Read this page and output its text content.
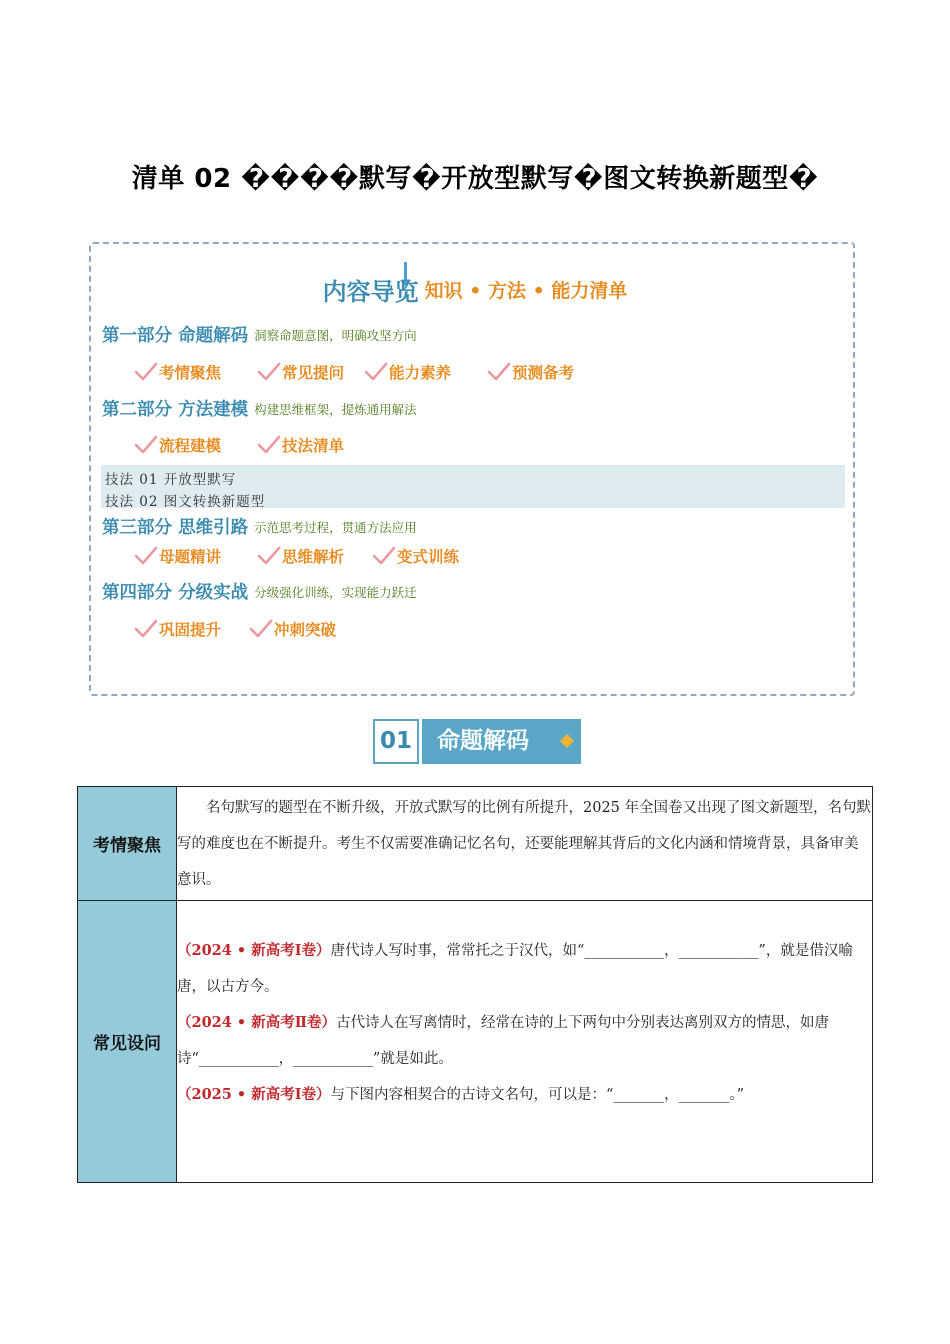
清单 02 ����默写�开放型默写�图文转换新题型�
内容导览 知识 • 方法 • 能力清单
第一部分 命题解码 洞察命题意图，明确攻坚方向
考情聚焦	常见提问	能力素养	预测备考
第二部分 方法建模 构建思维框架，提炼通用解法
流程建模	技法清单
技法 01 开放型默写
技法 02 图文转换新题型
第三部分 思维引路 示范思考过程，贯通方法应用
母题精讲	思维解析	变式训练
第四部分 分级实战 分级强化训练，实现能力跃迁
巩固提升	冲刺突破
01	命题解码
考情聚焦	名句默写的题型在不断升级，开放式默写的比例有所提升，2025 年全国卷又出现了图文新题型，名句默写的难度也在不断提升。考生不仅需要准确记忆名句，还要能理解其背后的文化内涵和情境背景，具备审美意识。

常见设问	（2024 • 新高考Ⅰ卷）唐代诗人写时事，常常托之于汉代，如“___________，___________”，就是借汉喻唐，以古方今。
（2024 • 新高考Ⅱ卷）古代诗人在写离情时，经常在诗的上下两句中分别表达离别双方的情思，如唐诗“___________，___________”就是如此。
（2025 • 新高考Ⅰ卷）与下图内容相契合的古诗文名句，可以是：“_______，_______。”
